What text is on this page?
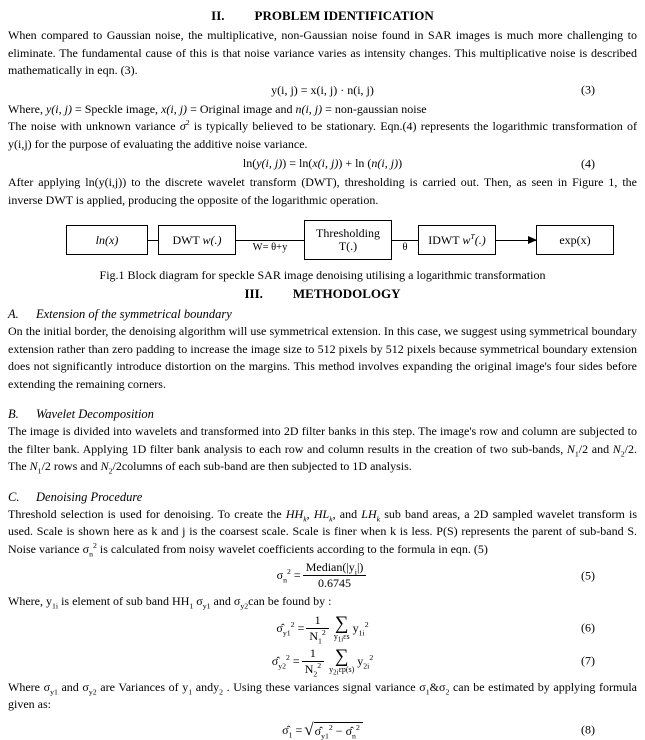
II. PROBLEM IDENTIFICATION

When compared to Gaussian noise, the multiplicative, non-Gaussian noise found in SAR images is much more challenging to eliminate. The fundamental cause of this is that noise variance varies as intensity changes. This multiplicative noise is described mathematically in eqn. (3).

y(i, j) = x(i, j) · n(i, j)	(3)

Where, y(i, j) = Speckle image, x(i, j) = Original image and n(i, j) = non-gaussian noise

The noise with unknown variance $\sigma^2$ is typically believed to be stationary. Eqn.(4) represents the logarithmic transformation of y(i,j) for the purpose of evaluating the additive noise variance.

ln( y(i, j) ) = ln( x(i, j) ) + ln ( n(i, j) )	(4)

After applying ln(y(i,j)) to the discrete wavelet transform (DWT), thresholding is carried out. Then, as seen in Figure 1, the inverse DWT is applied, producing the opposite of the logarithmic operation.

ln(x)	DWT w(.)
W= θ+y
Thresholding
T(.)	θ
IDWT $w^T(.)$	exp(x)
Fig.1 Block diagram for speckle SAR image denoising utilising a logarithmic transformation
III. METHODOLOGY
A.	Extension of the symmetrical boundary

On the initial border, the denoising algorithm will use symmetrical extension. In this case, we suggest using symmetrical boundary extension rather than zero padding to increase the image size to 512 pixels by 512 pixels because symmetrical boundary extension does not significantly introduce distortion on the margins. This method involves expanding the original image's four sides before extending the remaining corners.

B.	Wavelet Decomposition

The image is divided into wavelets and transformed into 2D filter banks in this step. The image's row and column are subjected to the filter bank. Applying 1D filter bank analysis to each row and column results in the creation of two sub-bands, $N_1/2$ and $N_2/2$. The $N_1/2$ rows and $N_2/2columns$ of each sub-band are then subjected to 1D analysis.

C.	Denoising Procedure

Threshold selection is used for denoising. To create the $HH_k$, $HL_k$, and $LH_k$ sub band areas, a 2D sampled wavelet transform is used. Scale is shown here as k and j is the coarsest scale. Scale is finer when k is less. P(S) represents the parent of sub-band S. Noise variance $\sigma_n^2$ is calculated from noisy wavelet coefficients according to the formula in eqn. (5)

$\sigma_n^2 = \frac{Median(|y_i|)}{0.6745}$	(5)

Where, $y_{1i}$ is element of sub band $HH_1$ $\sigma_{y1}$ and $\sigma_{y2}can$ be found by :

$\sigmâ_{y1}^2 = \frac{1}{N_1^2}$ ∑
$y_{1i}\varepsilon s$
$y_{1i}^2$	(6)
$\sigmâ_{y2}^2 = \frac{1}{N_2^2}$ ∑
$y_{2i}\varepsilon p(s)$
$y_{2i}^2$	(7)

Where $\sigma_{y1}$ and $\sigma_{y2}$ are Variances of $y_1$ andy$_2$ . Using these variances signal variance $\sigma_1\&\sigma_2$ can be estimated by applying formula given as:

$\sigmâ_1$ = √ $\sigmâ_{y1}^2$ − $\sigmâ_n^2$	(8)
